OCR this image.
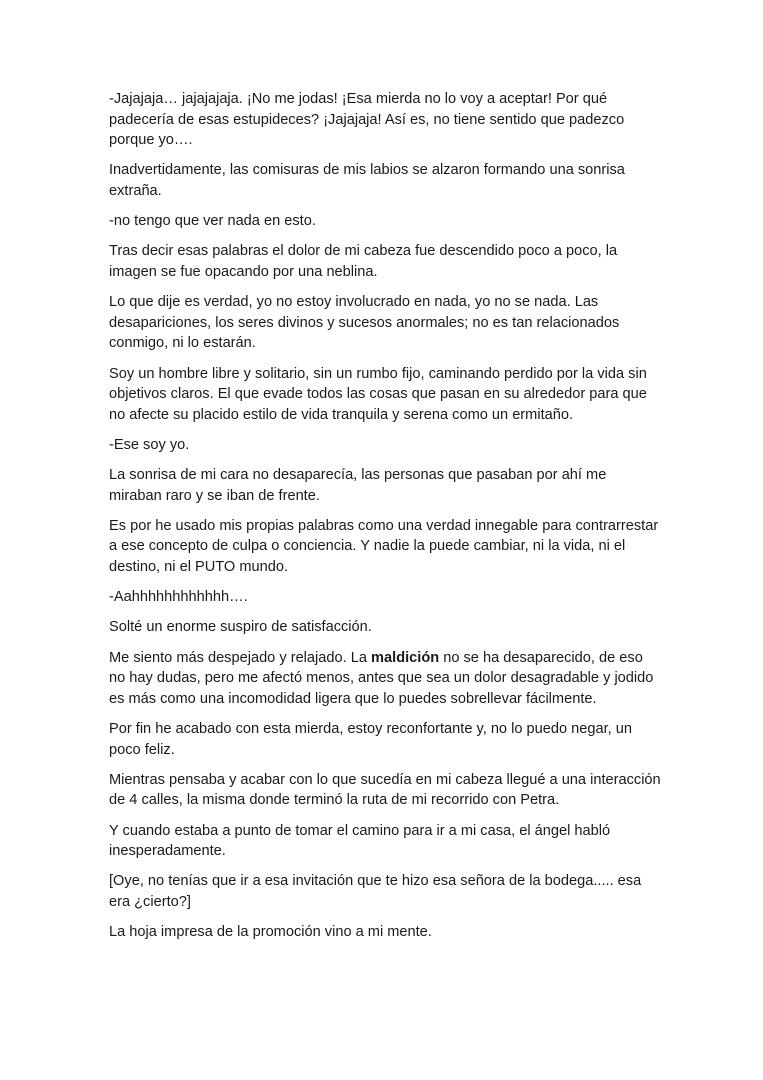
-Jajajaja… jajajajaja. ¡No me jodas! ¡Esa mierda no lo voy a aceptar! Por qué padecería de esas estupideces? ¡Jajajaja! Así es, no tiene sentido que padezco porque yo….

Inadvertidamente, las comisuras de mis labios se alzaron formando una sonrisa extraña.

-no tengo que ver nada en esto.

Tras decir esas palabras el dolor de mi cabeza fue descendido poco a poco, la imagen se fue opacando por una neblina.

Lo que dije es verdad, yo no estoy involucrado en nada, yo no se nada. Las desapariciones, los seres divinos y sucesos anormales; no es tan relacionados conmigo, ni lo estarán.

Soy un hombre libre y solitario, sin un rumbo fijo, caminando perdido por la vida sin objetivos claros. El que evade todos las cosas que pasan en su alrededor para que no afecte su placido estilo de vida tranquila y serena como un ermitaño.

-Ese soy yo.

La sonrisa de mi cara no desaparecía, las personas que pasaban por ahí me miraban raro y se iban de frente.

Es por he usado mis propias palabras como una verdad innegable para contrarrestar a ese concepto de culpa o conciencia. Y nadie la puede cambiar, ni la vida, ni el destino, ni el PUTO mundo.

-Aahhhhhhhhhhhh….

Solté un enorme suspiro de satisfacción.

Me siento más despejado y relajado. La maldición no se ha desaparecido, de eso no hay dudas, pero me afectó menos, antes que sea un dolor desagradable y jodido es más como una incomodidad ligera que lo puedes sobrellevar fácilmente.

Por fin he acabado con esta mierda, estoy reconfortante y, no lo puedo negar, un poco feliz.

Mientras pensaba y acabar con lo que sucedía en mi cabeza llegué a una interacción de 4 calles, la misma donde terminó la ruta de mi recorrido con Petra.

Y cuando estaba a punto de tomar el camino para ir a mi casa, el ángel habló inesperadamente.

[Oye, no tenías que ir a esa invitación que te hizo esa señora de la bodega..... esa era ¿cierto?]

La hoja impresa de la promoción vino a mi mente.
